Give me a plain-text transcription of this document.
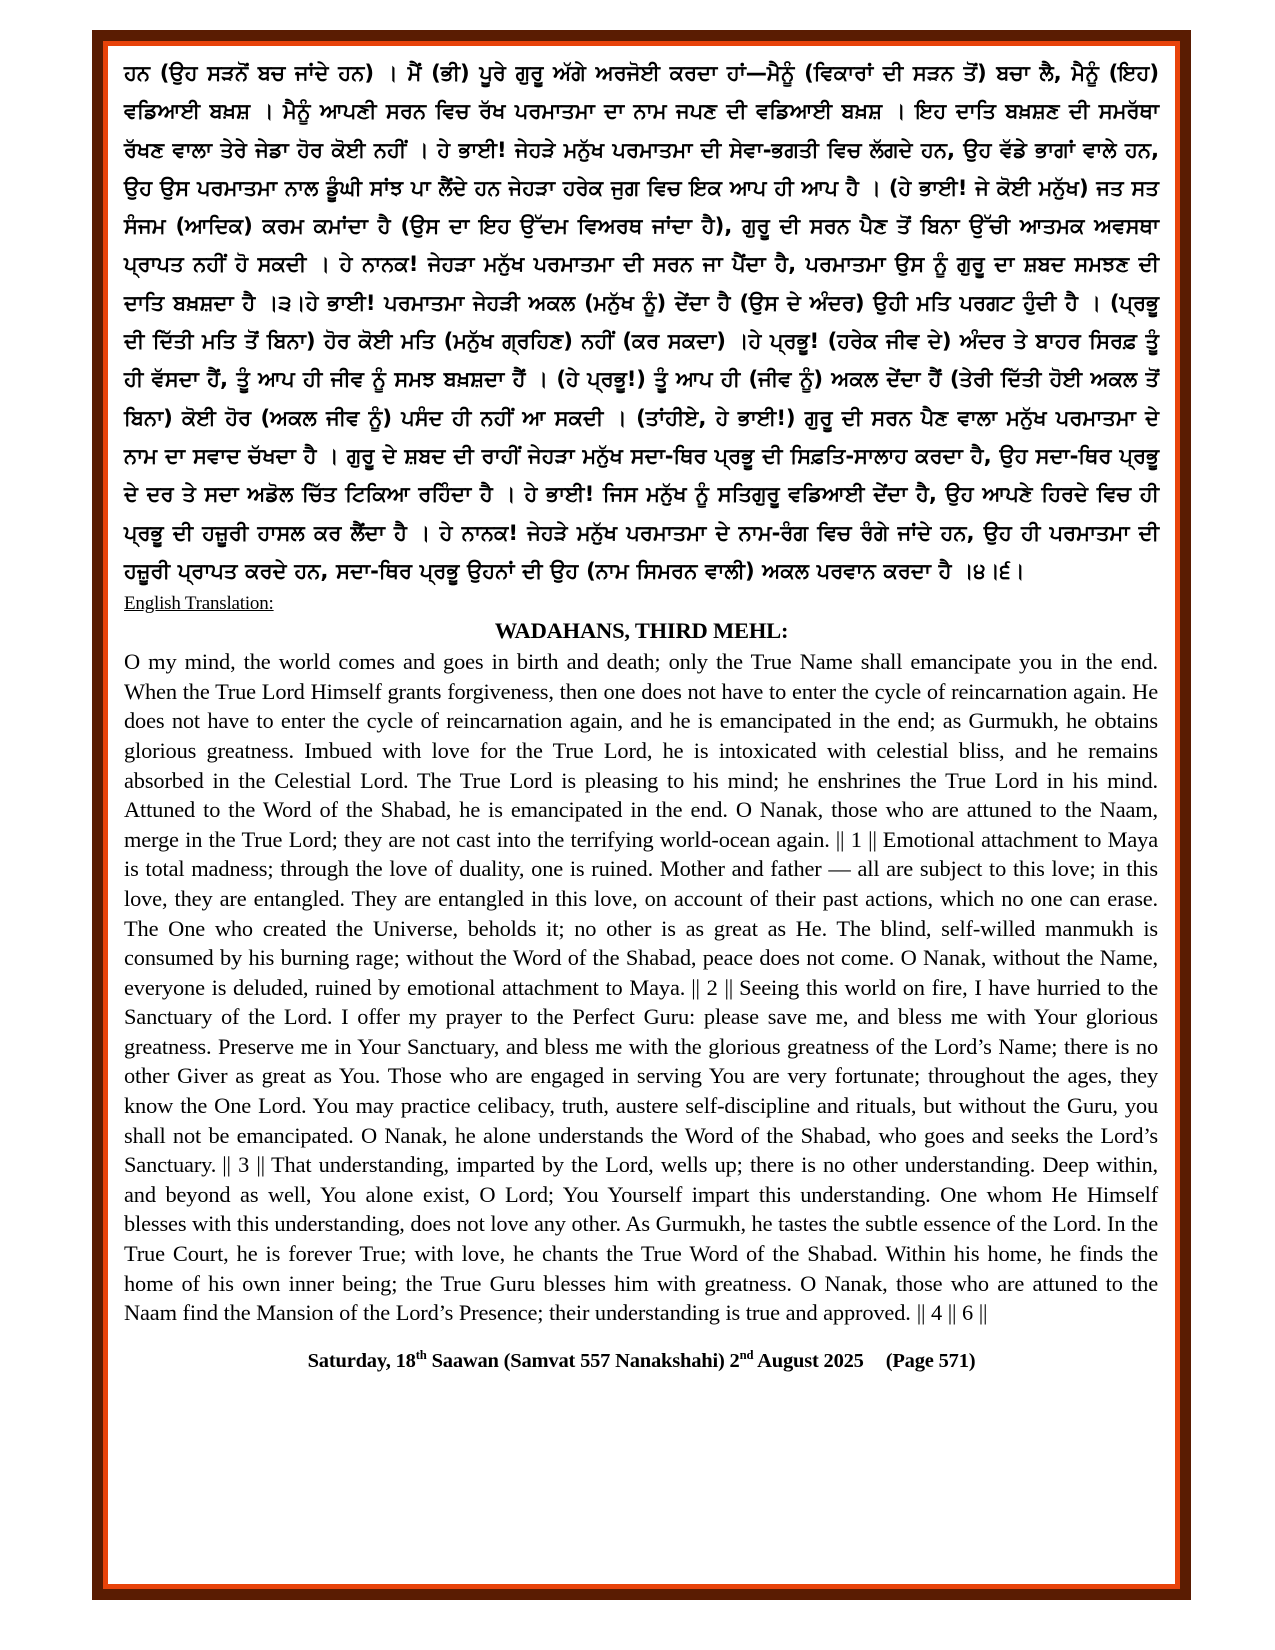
ਹਨ (ਉਹ ਸੜਨੋਂ ਬਚ ਜਾਂਦੇ ਹਨ) । ਮੈਂ (ਭੀ) ਪੂਰੇ ਗੁਰੂ ਅੱਗੇ ਅਰਜੋਈ ਕਰਦਾ ਹਾਂ—ਮੈਨੂੰ (ਵਿਕਾਰਾਂ ਦੀ ਸੜਨ ਤੋਂ) ਬਚਾ ਲੈ, ਮੈਨੂੰ (ਇਹ) ਵਡਿਆਈ ਬਖ਼ਸ਼ । ਮੈਨੂੰ ਆਪਣੀ ਸਰਨ ਵਿਚ ਰੱਖ ਪਰਮਾਤਮਾ ਦਾ ਨਾਮ ਜਪਣ ਦੀ ਵਡਿਆਈ ਬਖ਼ਸ਼ । ਇਹ ਦਾਤਿ ਬਖ਼ਸ਼ਣ ਦੀ ਸਮਰੱਥਾ ਰੱਖਣ ਵਾਲਾ ਤੇਰੇ ਜੇਡਾ ਹੋਰ ਕੋਈ ਨਹੀਂ । ਹੇ ਭਾਈ! ਜੇਹੜੇ ਮਨੁੱਖ ਪਰਮਾਤਮਾ ਦੀ ਸੇਵਾ-ਭਗਤੀ ਵਿਚ ਲੱਗਦੇ ਹਨ, ਉਹ ਵੱਡੇ ਭਾਗਾਂ ਵਾਲੇ ਹਨ, ਉਹ ਉਸ ਪਰਮਾਤਮਾ ਨਾਲ ਡੂੰਘੀ ਸਾਂਝ ਪਾ ਲੈਂਦੇ ਹਨ ਜੇਹੜਾ ਹਰੇਕ ਜੁਗ ਵਿਚ ਇਕ ਆਪ ਹੀ ਆਪ ਹੈ । (ਹੇ ਭਾਈ! ਜੇ ਕੋਈ ਮਨੁੱਖ) ਜਤ ਸਤ ਸੰਜਮ (ਆਦਿਕ) ਕਰਮ ਕਮਾਂਦਾ ਹੈ (ਉਸ ਦਾ ਇਹ ਉੱਦਮ ਵਿਅਰਥ ਜਾਂਦਾ ਹੈ), ਗੁਰੂ ਦੀ ਸਰਨ ਪੈਣ ਤੋਂ ਬਿਨਾ ਉੱਚੀ ਆਤਮਕ ਅਵਸਥਾ ਪ੍ਰਾਪਤ ਨਹੀਂ ਹੋ ਸਕਦੀ । ਹੇ ਨਾਨਕ! ਜੇਹੜਾ ਮਨੁੱਖ ਪਰਮਾਤਮਾ ਦੀ ਸਰਨ ਜਾ ਪੈਂਦਾ ਹੈ, ਪਰਮਾਤਮਾ ਉਸ ਨੂੰ ਗੁਰੂ ਦਾ ਸ਼ਬਦ ਸਮਝਣ ਦੀ ਦਾਤਿ ਬਖ਼ਸ਼ਦਾ ਹੈ ।੩।ਹੇ ਭਾਈ! ਪਰਮਾਤਮਾ ਜੇਹੜੀ ਅਕਲ (ਮਨੁੱਖ ਨੂੰ) ਦੇਂਦਾ ਹੈ (ਉਸ ਦੇ ਅੰਦਰ) ਉਹੀ ਮਤਿ ਪਰਗਟ ਹੁੰਦੀ ਹੈ । (ਪ੍ਰਭੂ ਦੀ ਦਿੱਤੀ ਮਤਿ ਤੋਂ ਬਿਨਾ) ਹੋਰ ਕੋਈ ਮਤਿ (ਮਨੁੱਖ ਗ੍ਰਹਿਣ) ਨਹੀਂ (ਕਰ ਸਕਦਾ) ।ਹੇ ਪ੍ਰਭੂ! (ਹਰੇਕ ਜੀਵ ਦੇ) ਅੰਦਰ ਤੇ ਬਾਹਰ ਸਿਰਫ਼ ਤੂੰ ਹੀ ਵੱਸਦਾ ਹੈਂ, ਤੂੰ ਆਪ ਹੀ ਜੀਵ ਨੂੰ ਸਮਝ ਬਖ਼ਸ਼ਦਾ ਹੈਂ । (ਹੇ ਪ੍ਰਭੂ!) ਤੂੰ ਆਪ ਹੀ (ਜੀਵ ਨੂੰ) ਅਕਲ ਦੇਂਦਾ ਹੈਂ (ਤੇਰੀ ਦਿੱਤੀ ਹੋਈ ਅਕਲ ਤੋਂ ਬਿਨਾ) ਕੋਈ ਹੋਰ (ਅਕਲ ਜੀਵ ਨੂੰ) ਪਸੰਦ ਹੀ ਨਹੀਂ ਆ ਸਕਦੀ । (ਤਾਂਹੀਏ, ਹੇ ਭਾਈ!) ਗੁਰੂ ਦੀ ਸਰਨ ਪੈਣ ਵਾਲਾ ਮਨੁੱਖ ਪਰਮਾਤਮਾ ਦੇ ਨਾਮ ਦਾ ਸਵਾਦ ਚੱਖਦਾ ਹੈ । ਗੁਰੂ ਦੇ ਸ਼ਬਦ ਦੀ ਰਾਹੀਂ ਜੇਹੜਾ ਮਨੁੱਖ ਸਦਾ-ਥਿਰ ਪ੍ਰਭੂ ਦੀ ਸਿਫ਼ਤਿ-ਸਾਲਾਹ ਕਰਦਾ ਹੈ, ਉਹ ਸਦਾ-ਥਿਰ ਪ੍ਰਭੂ ਦੇ ਦਰ ਤੇ ਸਦਾ ਅਡੋਲ ਚਿੱਤ ਟਿਕਿਆ ਰਹਿੰਦਾ ਹੈ । ਹੇ ਭਾਈ! ਜਿਸ ਮਨੁੱਖ ਨੂੰ ਸਤਿਗੁਰੂ ਵਡਿਆਈ ਦੇਂਦਾ ਹੈ, ਉਹ ਆਪਣੇ ਹਿਰਦੇ ਵਿਚ ਹੀ ਪ੍ਰਭੂ ਦੀ ਹਜ਼ੂਰੀ ਹਾਸਲ ਕਰ ਲੈਂਦਾ ਹੈ । ਹੇ ਨਾਨਕ! ਜੇਹੜੇ ਮਨੁੱਖ ਪਰਮਾਤਮਾ ਦੇ ਨਾਮ-ਰੰਗ ਵਿਚ ਰੰਗੇ ਜਾਂਦੇ ਹਨ, ਉਹ ਹੀ ਪਰਮਾਤਮਾ ਦੀ ਹਜ਼ੂਰੀ ਪ੍ਰਾਪਤ ਕਰਦੇ ਹਨ, ਸਦਾ-ਥਿਰ ਪ੍ਰਭੂ ਉਹਨਾਂ ਦੀ ਉਹ (ਨਾਮ ਸਿਮਰਨ ਵਾਲੀ) ਅਕਲ ਪਰਵਾਨ ਕਰਦਾ ਹੈ ।੪।੬।

English Translation:
WADAHANS, THIRD MEHL:

O my mind, the world comes and goes in birth and death; only the True Name shall emancipate you in the end. When the True Lord Himself grants forgiveness, then one does not have to enter the cycle of reincarnation again. He does not have to enter the cycle of reincarnation again, and he is emancipated in the end; as Gurmukh, he obtains glorious greatness. Imbued with love for the True Lord, he is intoxicated with celestial bliss, and he remains absorbed in the Celestial Lord. The True Lord is pleasing to his mind; he enshrines the True Lord in his mind. Attuned to the Word of the Shabad, he is emancipated in the end. O Nanak, those who are attuned to the Naam, merge in the True Lord; they are not cast into the terrifying world-ocean again. || 1 || Emotional attachment to Maya is total madness; through the love of duality, one is ruined. Mother and father — all are subject to this love; in this love, they are entangled. They are entangled in this love, on account of their past actions, which no one can erase. The One who created the Universe, beholds it; no other is as great as He. The blind, self-willed manmukh is consumed by his burning rage; without the Word of the Shabad, peace does not come. O Nanak, without the Name, everyone is deluded, ruined by emotional attachment to Maya. || 2 || Seeing this world on fire, I have hurried to the Sanctuary of the Lord. I offer my prayer to the Perfect Guru: please save me, and bless me with Your glorious greatness. Preserve me in Your Sanctuary, and bless me with the glorious greatness of the Lord’s Name; there is no other Giver as great as You. Those who are engaged in serving You are very fortunate; throughout the ages, they know the One Lord. You may practice celibacy, truth, austere self-discipline and rituals, but without the Guru, you shall not be emancipated. O Nanak, he alone understands the Word of the Shabad, who goes and seeks the Lord’s Sanctuary. || 3 || That understanding, imparted by the Lord, wells up; there is no other understanding. Deep within, and beyond as well, You alone exist, O Lord; You Yourself impart this understanding. One whom He Himself blesses with this understanding, does not love any other. As Gurmukh, he tastes the subtle essence of the Lord. In the True Court, he is forever True; with love, he chants the True Word of the Shabad. Within his home, he finds the home of his own inner being; the True Guru blesses him with greatness. O Nanak, those who are attuned to the Naam find the Mansion of the Lord’s Presence; their understanding is true and approved. || 4 || 6 ||

Saturday, 18th Saawan (Samvat 557 Nanakshahi) 2nd August 2025 (Page 571)
